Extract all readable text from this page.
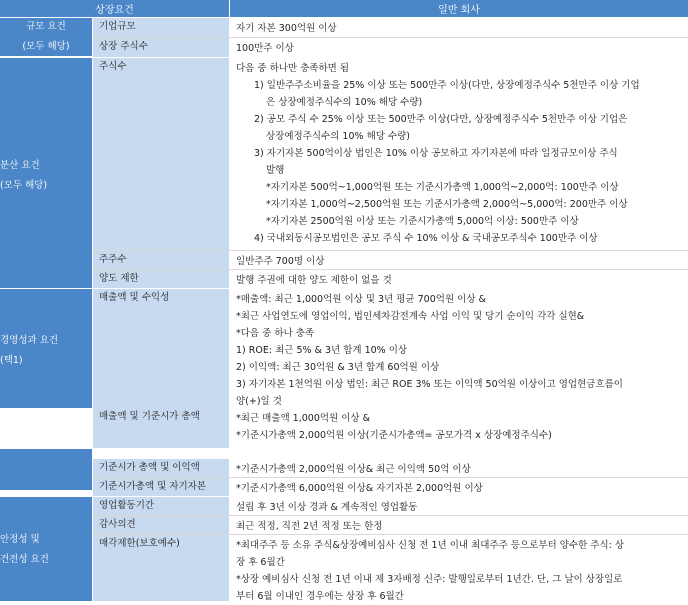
상장요건	일반 회사
규모 요건
(모두 해당)
기업규모	자기 자본 300억원 이상
상장 주식수	100만주 이상
분산 요건
(모두 해당)
주식수	다음 중 하나만 충족하면 됨
1) 일반주주소비율을 25% 이상 또는 500만주 이상(다만, 상장예정주식수 5천만주 이상 기업
은 상장예정주식수의 10% 해당 수량)
2) 공모 주식 수 25% 이상 또는 500만주 이상(다만, 상장예정주식수 5천만주 이상 기업은
상장예정주식수의 10% 해당 수량)
3) 자기자본 500억이상 법인은 10% 이상 공모하고 자기자본에 따라 일정규모이상 주식
발행
*자기자본 500억~1,000억원 또는 기준시가총액 1,000억~2,000억: 100만주 이상
*자기자본 1,000억~2,500억원 또는 기준시가총액 2,000억~5,000억: 200만주 이상
*자기자본 2500억원 이상 또는 기준시가총액 5,000억 이상: 500만주 이상
4) 국내외동시공모법인은 공모 주식 수 10% 이상 & 국내공모주식수 100만주 이상
주주수	일반주주 700명 이상
양도 제한	발행 주권에 대한 양도 제한이 없을 것
경영성과 요건
(택1)
매출액 및 수익성	*매출액: 최근 1,000억원 이상 및 3년 평균 700억원 이상 &
*최근 사업연도에 영업이익, 법인세차감전계속 사업 이익 및 당기 순이익 각각 실현&
*다음 중 하나 충족
1) ROE: 최근 5% & 3년 합계 10% 이상
2) 이익액: 최근 30억원 & 3년 합계 60억원 이상
3) 자기자본 1천억원 이상 법인: 최근 ROE 3% 또는 이익액 50억원 이상이고 영업현금흐름이
양(+)일 것
매출액 및 기준시가 총액	*최근 매출액 1,000억원 이상 &
*기준시가총액 2,000억원 이상(기준시가총액= 공모가격 x 상장예정주식수)
기준시가 총액 및 이익액	*기준시가총액 2,000억원 이상& 최근 이익액 50억 이상
기준시가총액 및 자기자본	*기준시가총액 6,000억원 이상& 자기자본 2,000억원 이상
안정성 및
건전성 요건
영업활동기간	설립 후 3년 이상 경과 & 계속적인 영업활동
감사의견	최근 적정, 직전 2년 적정 또는 한정
매각제한(보호예수)	*최대주주 등 소유 주식&상장예비심사 신청 전 1년 이내 최대주주 등으로부터 양수한 주식: 상
장 후 6월간
*상장 예비심사 신청 전 1년 이내 제 3자배정 신주: 발행일로부터 1년간. 단, 그 날이 상장일로
부터 6월 이내인 경우에는 상장 후 6월간
